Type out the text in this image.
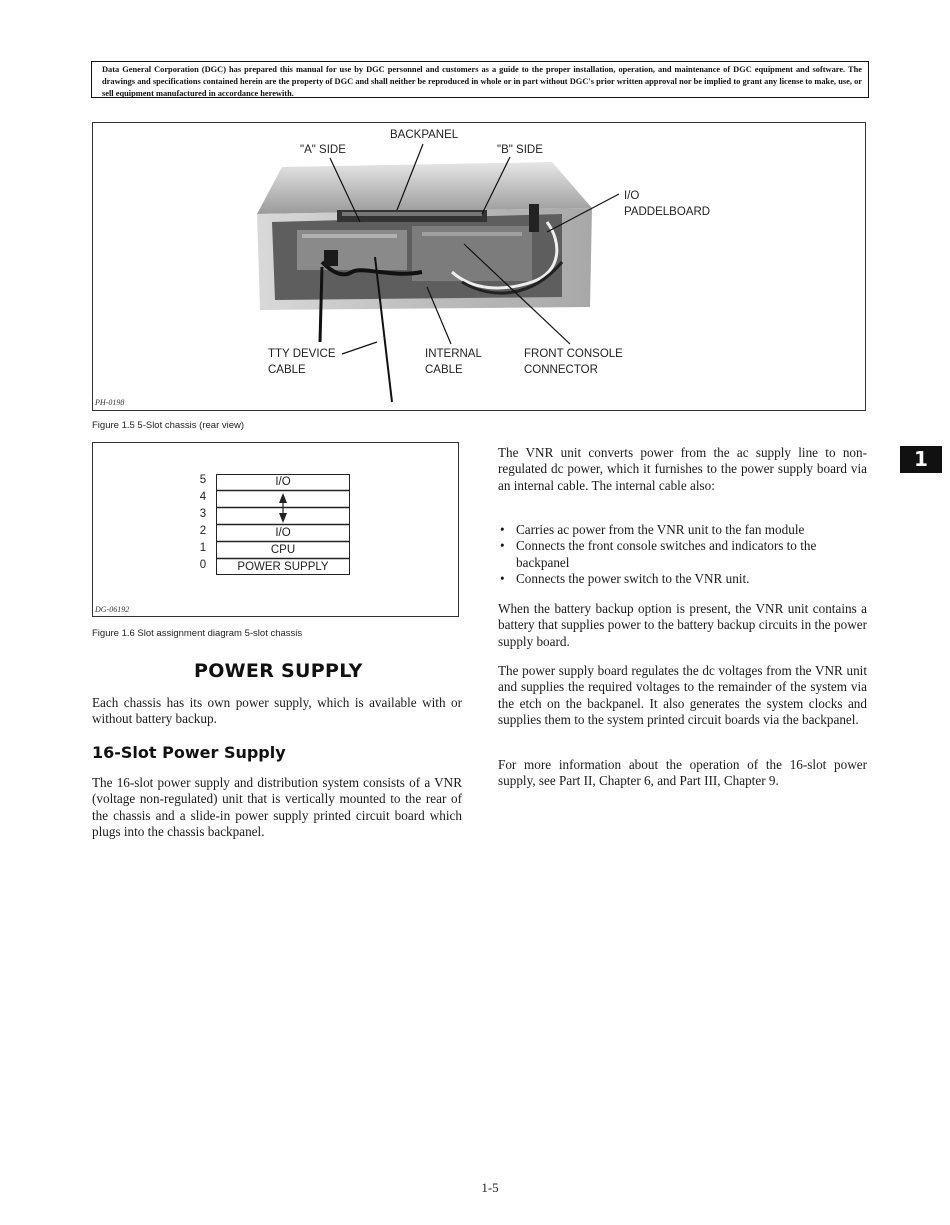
Data General Corporation (DGC) has prepared this manual for use by DGC personnel and customers as a guide to the proper installation, operation, and maintenance of DGC equipment and software. The drawings and specifications contained herein are the property of DGC and shall neither be reproduced in whole or in part without DGC's prior written approval nor be implied to grant any license to make, use, or sell equipment manufactured in accordance herewith.
BACKPANEL
"A" SIDE	"B" SIDE
I/O
PADDELBOARD
TTY DEVICE
CABLE
INTERNAL
CABLE
FRONT CONSOLE
CONNECTOR
PH-0198
Figure 1.5 5-Slot chassis (rear view)
1
5
4
3
2
1
0
I/O
I/O
CPU
POWER SUPPLY
DG-06192
Figure 1.6 Slot assignment diagram 5-slot chassis
POWER SUPPLY
Each chassis has its own power supply, which is available with or without battery backup.
16-Slot Power Supply
The 16-slot power supply and distribution system consists of a VNR (voltage non-regulated) unit that is vertically mounted to the rear of the chassis and a slide-in power supply printed circuit board which plugs into the chassis backpanel.
The VNR unit converts power from the ac supply line to non-regulated dc power, which it furnishes to the power supply board via an internal cable. The internal cable also:
• Carries ac power from the VNR unit to the fan module
• Connects the front console switches and indicators to the backpanel
• Connects the power switch to the VNR unit.
When the battery backup option is present, the VNR unit contains a battery that supplies power to the battery backup circuits in the power supply board.
The power supply board regulates the dc voltages from the VNR unit and supplies the required voltages to the remainder of the system via the etch on the backpanel. It also generates the system clocks and supplies them to the system printed circuit boards via the backpanel.
For more information about the operation of the 16-slot power supply, see Part II, Chapter 6, and Part III, Chapter 9.
1-5
